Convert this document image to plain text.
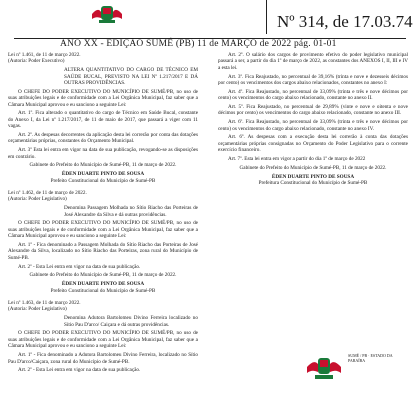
Nº 314, de 17.03.74
ANO XX - EDIÇÃO SUMÉ (PB) 11 de MARÇO de 2022 pág. 01-01

Lei nº 1.461, de 11 de março 2022.

(Autoria: Poder Executivo)

ALTERA QUANTITATIVO DO CARGO DE TÉCNICO EM SAÚDE BUCAL, PREVISTO NA LEI Nº 1.217/2017 E DÁ OUTRAS PROVIDÊNCIAS.

O CHEFE DO PODER EXECUTIVO DO MUNICÍPIO DE SUMÉ/PB, no uso de suas atribuições legais e de conformidade com a Lei Orgânica Municipal, faz saber que a Câmara Municipal aprovou e eu sanciono a seguinte Lei:

Art. 1º. Fica alterado o quantitativo do cargo de Técnico em Saúde Bucal, constante do Anexo I, da Lei nº 1.217/2017, de 11 de maio de 2017, que passará a viger com 11 vagas.

Art. 2º. As despesas decorrentes da aplicação desta lei correrão por conta das dotações orçamentárias próprias, constantes do Orçamento Municipal.

Art. 3º Esta lei entra em vigor na data de sua publicação, revogando-se as disposições em contrário.

Gabinete do Prefeito do Município de Sumé-PB, 11 de março de 2022.

ÉDEN DUARTE PINTO DE SOUSA

Prefeito Constitucional do Município de Sumé-PB

Lei nº 1.462, de 11 de março de 2022.

(Autoria: Poder Legislativo)

Denomina Passagem Molhada no Sítio Riacho das Porteiras de José Alexandre da Silva e dá outras providências.

O CHEFE DO PODER EXECUTIVO DO MUNICÍPIO DE SUMÉ/PB, no uso de suas atribuições legais e de conformidade com a Lei Orgânica Municipal, faz saber que a Câmara Municipal aprovou e eu sanciono a seguinte Lei:

Art. 1º - Fica denominado a Passagem Molhada do Sítio Riacho das Porteiras de José Alexandre da Silva, localizado no Sítio Riacho das Porteiras, zona rural do Município de Sumé-PB.

Art. 2º - Esta Lei entra em vigor na data de sua publicação.

Gabinete do Prefeito do Município de Sumé-PB, 11 de março de 2022.

ÉDEN DUARTE PINTO DE SOUSA

Prefeito Constitucional do Município de Sumé-PB

Lei nº 1.463, de 11 de março 2022.

(Autoria: Poder Legislativo)

Denomina Adutora Bartolomeu Divino Ferreira localizado no Sítio Pau D'arco/ Caiçara e dá outras providências.

O CHEFE DO PODER EXECUTIVO DO MUNICÍPIO DE SUMÉ/PB, no uso de suas atribuições legais e de conformidade com a Lei Orgânica Municipal, faz saber que a Câmara Municipal aprovou e eu sanciono a seguinte Lei:

Art. 1º - Fica denominado a Adutora Bartolomeu Divino Ferreira, localizado no Sítio Pau D'arco/Caiçara, zona rural do Município de Sumé-PB.

Art. 2º - Esta Lei entra em vigor na data de sua publicação.

Art. 2º. O salário dos cargos de provimento efetivo do poder legislativo municipal passará a ser, a partir do dia 1º de março de 2022, as constantes dos ANEXOS I, II, III e IV a esta lei.

Art. 3º. Fica Reajustado, no percentual de 39,16% (trinta e nove e dezesseis décimos por cento) os vencimentos dos cargos abaixo relacionados, constantes no anexo I:

Art. 4º. Fica Reajustado, no percentual de 33,09% (trinta e três e nove décimos por cento) os vencimentos do cargo abaixo relacionado, constante no anexo II.

Art. 5º. Fica Reajustado, no percentual de 29,89% (vinte e nove e oitenta e nove décimos por cento) os vencimentos do cargo abaixo relacionado, constante no anexo III.

Art. 6º. Fica Reajustado, no percentual de 33,09% (trinta e três e nove décimos por cento) os vencimentos do cargo abaixo relacionado, constante no anexo IV.

Art. 6º. As despesas com a execução desta lei correrão à conta das dotações orçamentárias próprias consignadas no Orçamento do Poder Legislativo para o corrente exercício financeiro.

Art. 7º. Esta lei entra em vigor a partir do dia 1º de março de 2022

Gabinete do Prefeito do Município de Sumé-PB, 11 de março de 2022.

ÉDEN DUARTE PINTO DE SOUSA

Prefeitura Constitucional do Município de Sumé-PB

SUMÉ / PB · ESTADO DA PARAÍBA
